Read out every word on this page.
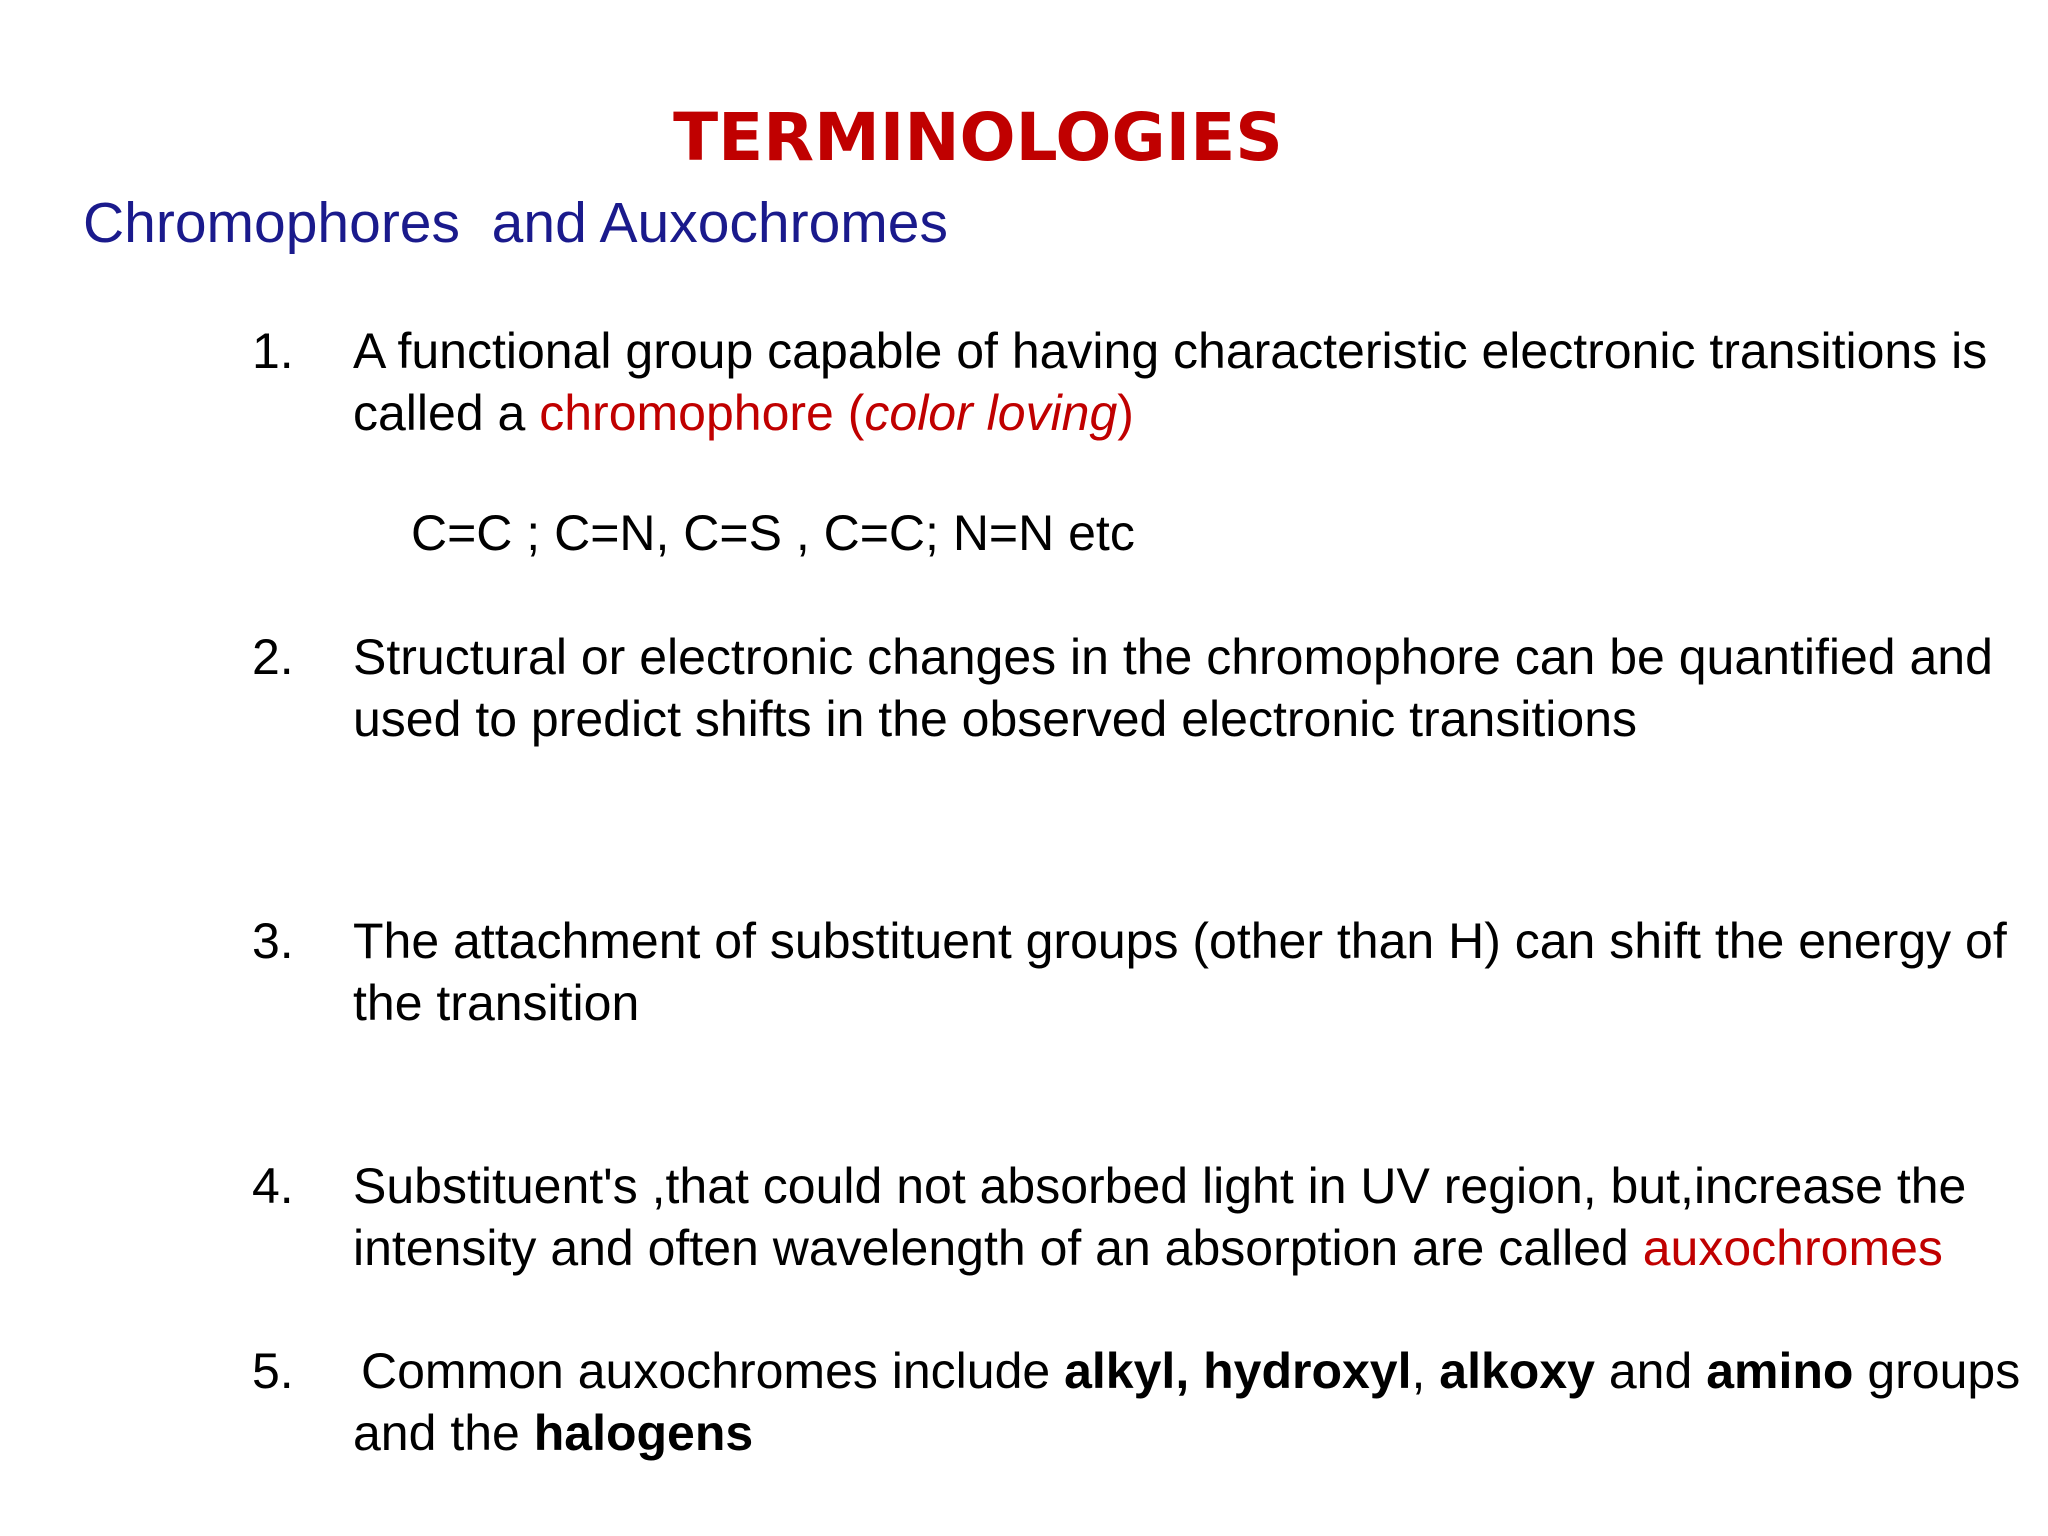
TERMINOLOGIES
Chromophores  and Auxochromes
1.	A functional group capable of having characteristic electronic transitions is called a chromophore (color loving)
C=C ; C=N, C=S , C=C; N=N etc
2.	Structural or electronic changes in the chromophore can be quantified and used to predict shifts in the observed electronic transitions
3.	The attachment of substituent groups (other than H) can shift the energy of the transition
4.	Substituent's ,that could not absorbed light in UV region, but,increase the intensity and often wavelength of an absorption are called auxochromes
5.	Common auxochromes include alkyl, hydroxyl, alkoxy and amino groups and the halogens
